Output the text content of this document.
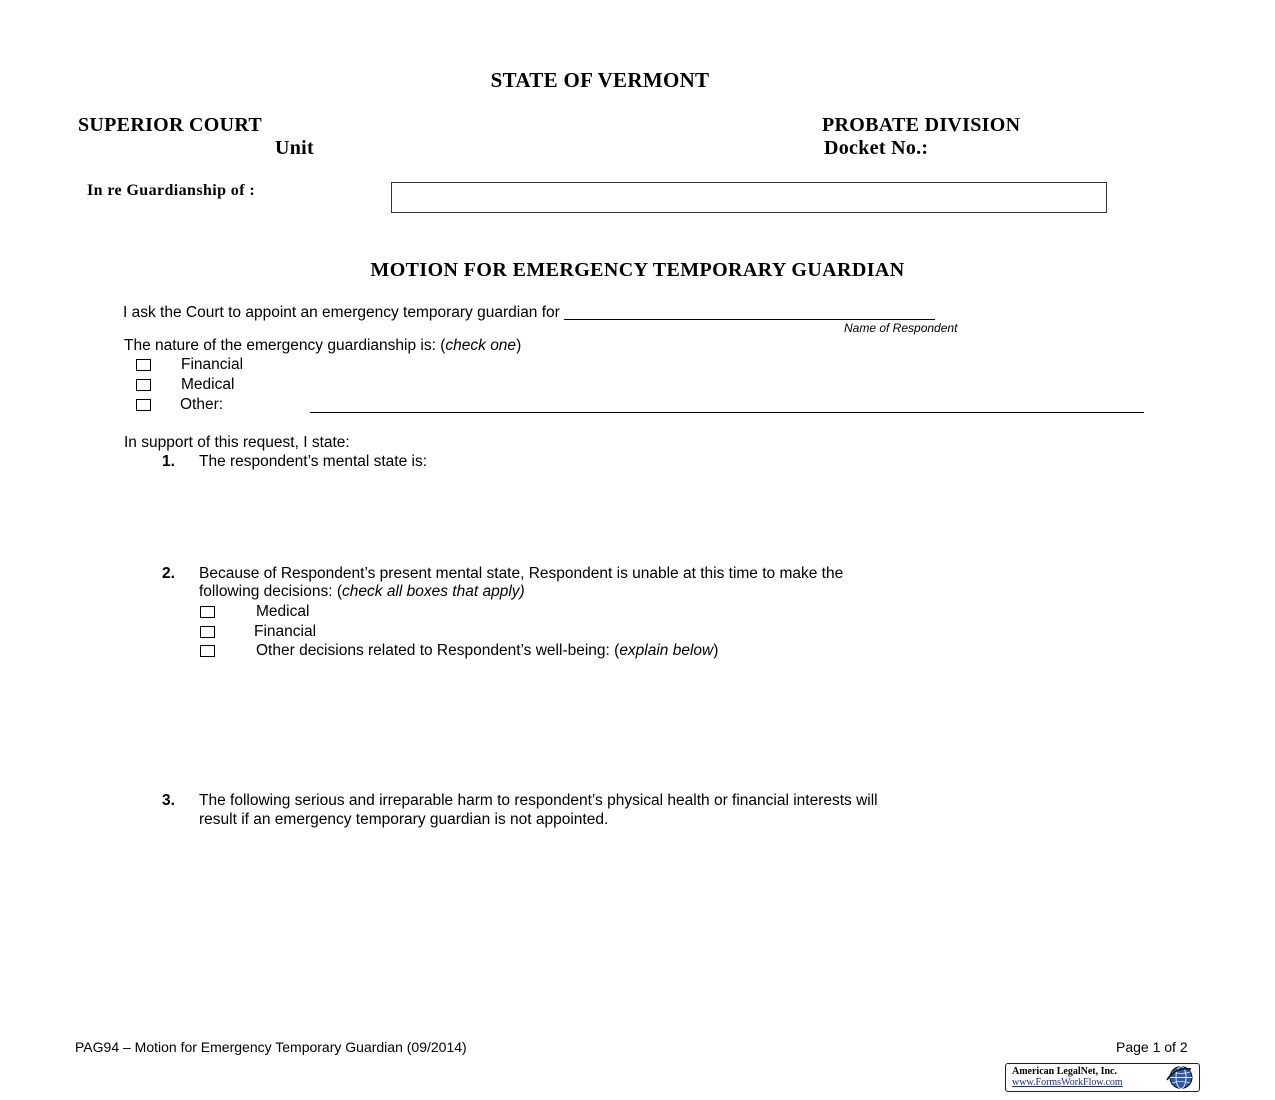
STATE OF VERMONT
SUPERIOR COURT
Unit
PROBATE DIVISION
Docket No.:
In re Guardianship of :
MOTION FOR EMERGENCY TEMPORARY GUARDIAN
I ask the Court to appoint an emergency temporary guardian for ___________________________________________
Name of Respondent
The nature of the emergency guardianship is: (check one)
Financial
Medical
Other:
In support of this request, I state:
1. The respondent’s mental state is:
2. Because of Respondent’s present mental state, Respondent is unable at this time to make the
following decisions: (check all boxes that apply)
Medical
Financial
Other decisions related to Respondent’s well-being: (explain below)
3. The following serious and irreparable harm to respondent’s physical health or financial interests will
result if an emergency temporary guardian is not appointed.
PAG94 – Motion for Emergency Temporary Guardian (09/2014)	Page 1 of 2
American LegalNet, Inc.
www.FormsWorkFlow.com
